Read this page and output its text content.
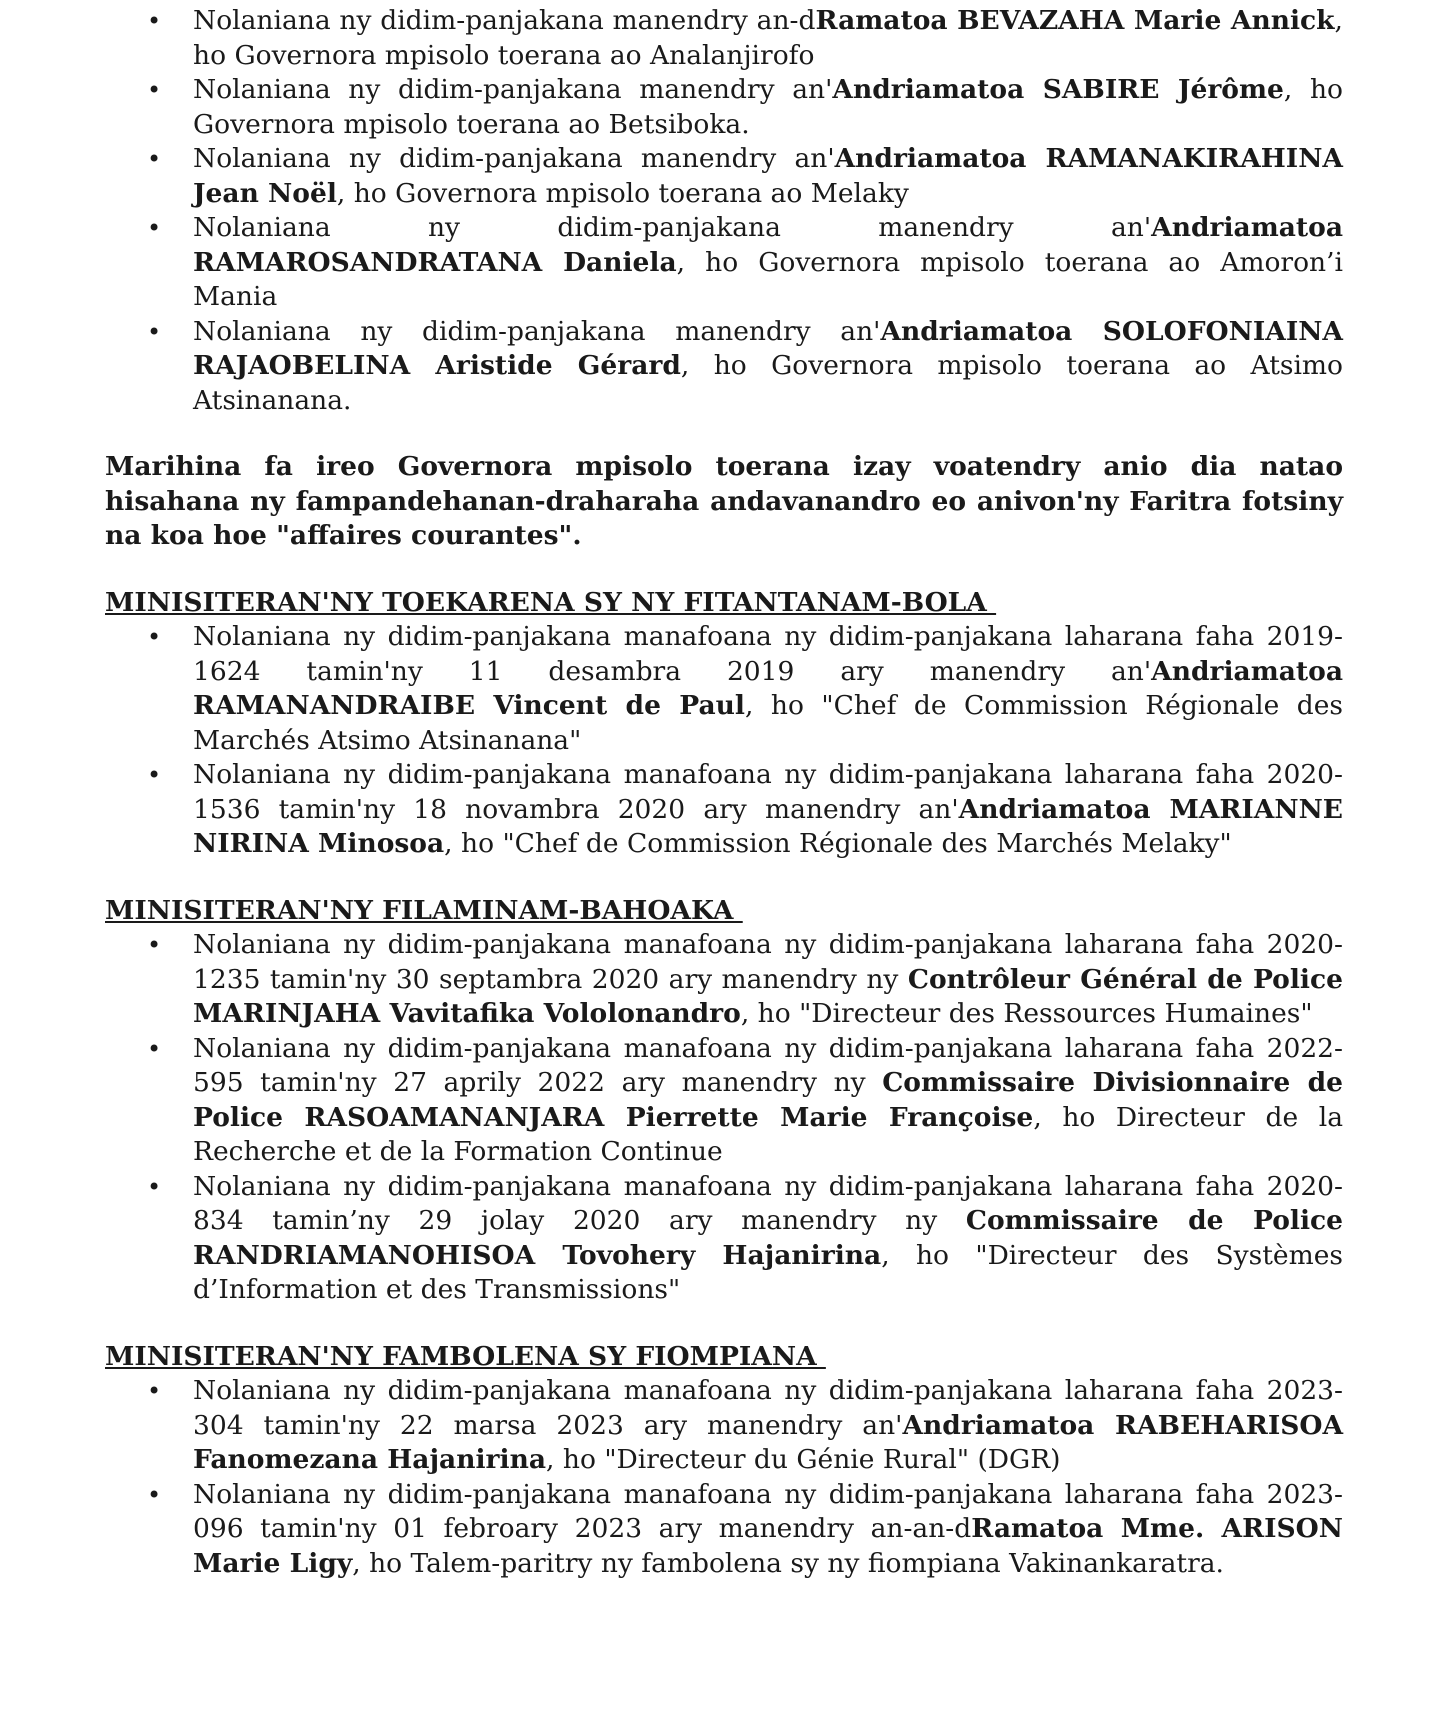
• Nolaniana ny didim-panjakana manendry an-dRamatoa BEVAZAHA Marie Annick, ho Governora mpisolo toerana ao Analanjirofo
• Nolaniana ny didim-panjakana manendry an'Andriamatoa SABIRE Jérôme, ho Governora mpisolo toerana ao Betsiboka.
• Nolaniana ny didim-panjakana manendry an'Andriamatoa RAMANAKIRAHINA Jean Noël, ho Governora mpisolo toerana ao Melaky
• Nolaniana ny didim-panjakana manendry an'Andriamatoa RAMAROSANDRATANA Daniela, ho Governora mpisolo toerana ao Amoron’i Mania
• Nolaniana ny didim-panjakana manendry an'Andriamatoa SOLOFONIAINA RAJAOBELINA Aristide Gérard, ho Governora mpisolo toerana ao Atsimo Atsinanana.

Marihina fa ireo Governora mpisolo toerana izay voatendry anio dia natao hisahana ny fampandehanan-draharaha andavanandro eo anivon'ny Faritra fotsiny na koa hoe "affaires courantes".

MINISITERAN'NY TOEKARENA SY NY FITANTANAM-BOLA
• Nolaniana ny didim-panjakana manafoana ny didim-panjakana laharana faha 2019-1624 tamin'ny 11 desambra 2019 ary manendry an'Andriamatoa RAMANANDRAIBE Vincent de Paul, ho "Chef de Commission Régionale des Marchés Atsimo Atsinanana"
• Nolaniana ny didim-panjakana manafoana ny didim-panjakana laharana faha 2020-1536 tamin'ny 18 novambra 2020 ary manendry an'Andriamatoa MARIANNE NIRINA Minosoa, ho "Chef de Commission Régionale des Marchés Melaky"
MINISITERAN'NY FILAMINAM-BAHOAKA
• Nolaniana ny didim-panjakana manafoana ny didim-panjakana laharana faha 2020-1235 tamin'ny 30 septambra 2020 ary manendry ny Contrôleur Général de Police MARINJAHA Vavitafika Vololonandro, ho "Directeur des Ressources Humaines"
• Nolaniana ny didim-panjakana manafoana ny didim-panjakana laharana faha 2022-595 tamin'ny 27 aprily 2022 ary manendry ny Commissaire Divisionnaire de Police RASOAMANANJARA Pierrette Marie Françoise, ho Directeur de la Recherche et de la Formation Continue
• Nolaniana ny didim-panjakana manafoana ny didim-panjakana laharana faha 2020-834 tamin’ny 29 jolay 2020 ary manendry ny Commissaire de Police RANDRIAMANOHISOA Tovohery Hajanirina, ho "Directeur des Systèmes d’Information et des Transmissions"
MINISITERAN'NY FAMBOLENA SY FIOMPIANA
• Nolaniana ny didim-panjakana manafoana ny didim-panjakana laharana faha 2023-304 tamin'ny 22 marsa 2023 ary manendry an'Andriamatoa RABEHARISOA Fanomezana Hajanirina, ho "Directeur du Génie Rural" (DGR)
• Nolaniana ny didim-panjakana manafoana ny didim-panjakana laharana faha 2023-096 tamin'ny 01 febroary 2023 ary manendry an-an-dRamatoa Mme. ARISON Marie Ligy, ho Talem-paritry ny fambolena sy ny fiompiana Vakinankaratra.
